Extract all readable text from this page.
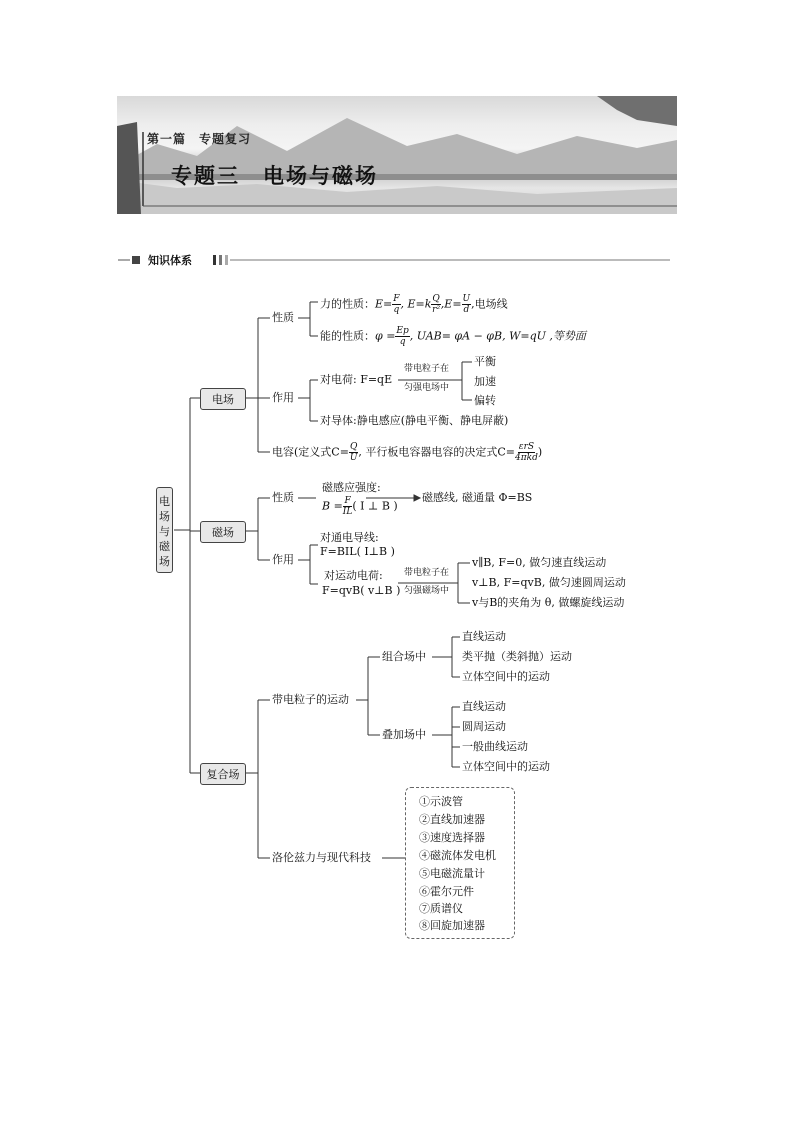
第一篇　专题复习
专题三　电场与磁场
知识体系
电
场
与
磁
场
电场
性质
力的性质：$E= \frac{F}{q}$ , $E=k \frac{Q}{\text{r²}} ,E= \frac{U}{d}$ ,电场线
能的性质：$\varphi = \frac{Ep}{q}$ , UAB= φA − φB, W=qU ,等势面
作用
对电荷: F=qE
带电粒子在
匀强电场中
平衡
加速
偏转
对导体:静电感应(静电平衡、静电屏蔽)
电容(定义式$C= \frac{Q}{U}$ , 平行板电容器电容的决定式$C= \frac{\text{εrS}}{\text{4πkd}}$ )
磁场
性质
磁感应强度:
$B = \frac{F}{IL}$ ( I ⊥ B )
磁感线, 磁通量 Φ=BS
作用
对通电导线:
F=BIL( I⊥B )
对运动电荷:
F=qvB( v⊥B )
带电粒子在
匀强磁场中
v∥B, F=0, 做匀速直线运动
v⊥B, F=qvB, 做匀速圆周运动
v与B的夹角为 θ, 做螺旋线运动
复合场
带电粒子的运动
组合场中
直线运动
类平抛（类斜抛）运动
立体空间中的运动
叠加场中
直线运动
圆周运动
一般曲线运动
立体空间中的运动
洛伦兹力与现代科技
①示波管
②直线加速器
③速度选择器
④磁流体发电机
⑤电磁流量计
⑥霍尔元件
⑦质谱仪
⑧回旋加速器
